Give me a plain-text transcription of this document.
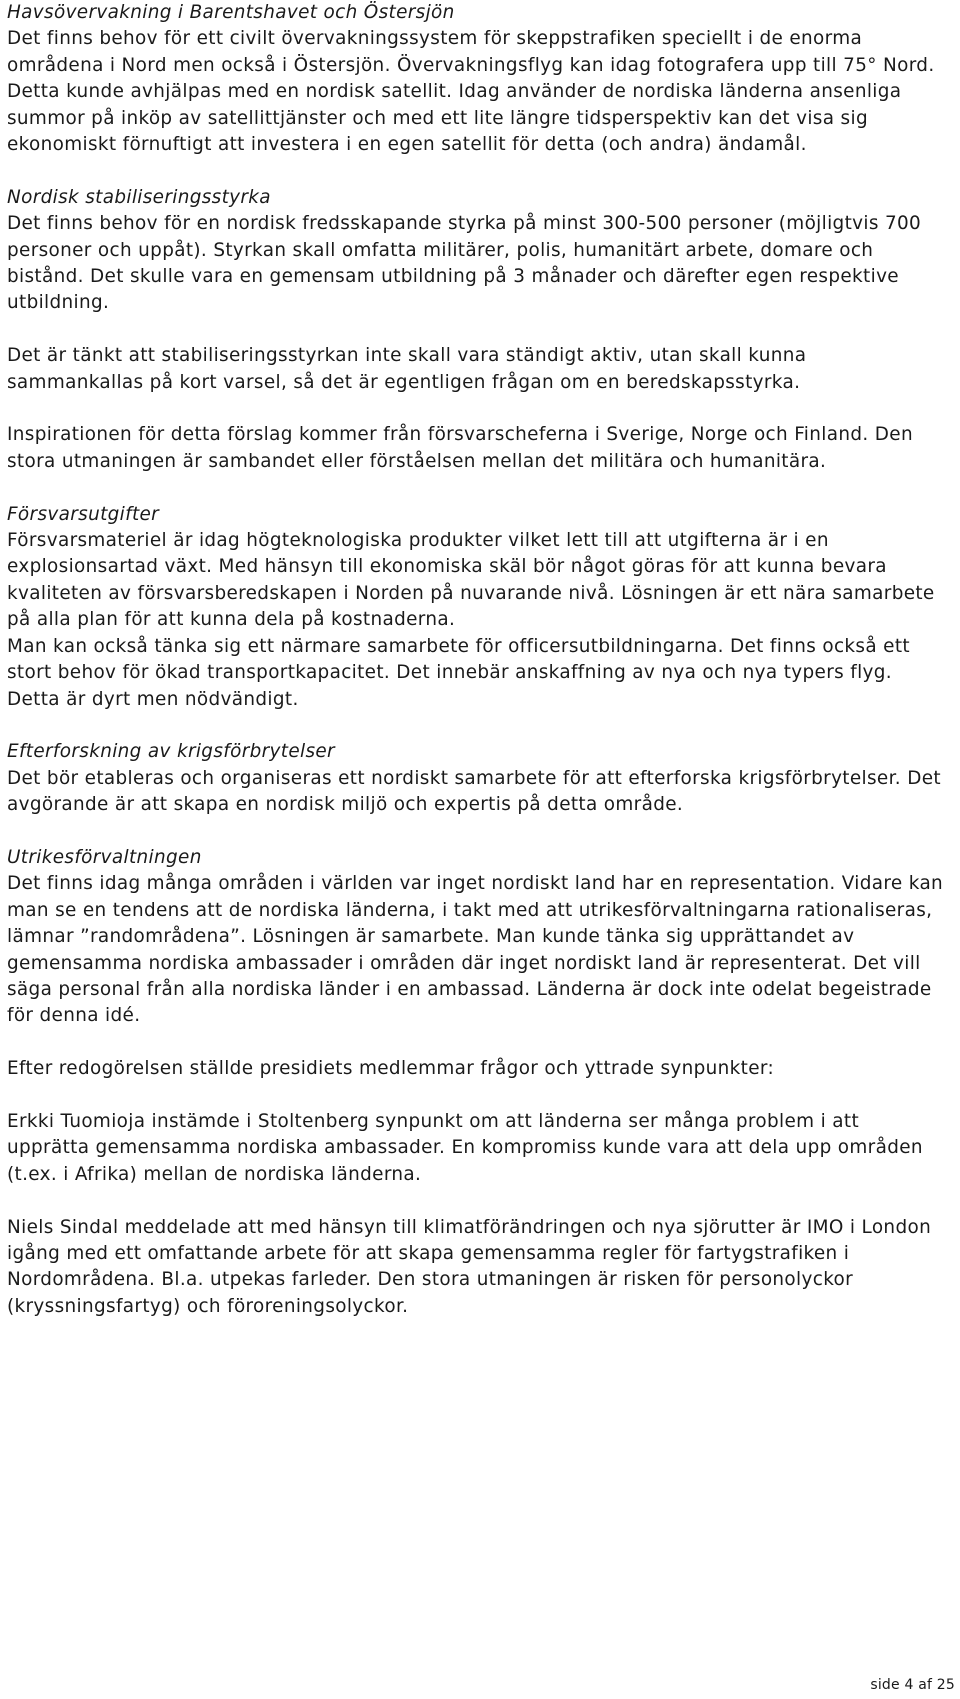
Havsövervakning i Barentshavet och Östersjön

Det finns behov för ett civilt övervakningssystem för skeppstrafiken speciellt i de enorma områdena i Nord men också i Östersjön. Övervakningsflyg kan idag fotografera upp till 75° Nord. Detta kunde avhjälpas med en nordisk satellit. Idag använder de nordiska länderna ansenliga summor på inköp av satellittjänster och med ett lite längre tidsperspektiv kan det visa sig ekonomiskt förnuftigt att investera i en egen satellit för detta (och andra) ändamål.

Nordisk stabiliseringsstyrka

Det finns behov för en nordisk fredsskapande styrka på minst 300-500 personer (möjligtvis 700 personer och uppåt). Styrkan skall omfatta militärer, polis, humanitärt arbete, domare och bistånd. Det skulle vara en gemensam utbildning på 3 månader och därefter egen respektive utbildning.

Det är tänkt att stabiliseringsstyrkan inte skall vara ständigt aktiv, utan skall kunna sammankallas på kort varsel, så det är egentligen frågan om en beredskapsstyrka.

Inspirationen för detta förslag kommer från försvarscheferna i Sverige, Norge och Finland. Den stora utmaningen är sambandet eller förståelsen mellan det militära och humanitära.

Försvarsutgifter

Försvarsmateriel är idag högteknologiska produkter vilket lett till att utgifterna är i en explosionsartad växt. Med hänsyn till ekonomiska skäl bör något göras för att kunna bevara kvaliteten av försvarsberedskapen i Norden på nuvarande nivå. Lösningen är ett nära samarbete på alla plan för att kunna dela på kostnaderna.
Man kan också tänka sig ett närmare samarbete för officersutbildningarna. Det finns också ett stort behov för ökad transportkapacitet. Det innebär anskaffning av nya och nya typers flyg. Detta är dyrt men nödvändigt.

Efterforskning av krigsförbrytelser

Det bör etableras och organiseras ett nordiskt samarbete för att efterforska krigsförbrytelser. Det avgörande är att skapa en nordisk miljö och expertis på detta område.

Utrikesförvaltningen

Det finns idag många områden i världen var inget nordiskt land har en representation. Vidare kan man se en tendens att de nordiska länderna, i takt med att utrikesförvaltningarna rationaliseras, lämnar ”randområdena”. Lösningen är samarbete. Man kunde tänka sig upprättandet av gemensamma nordiska ambassader i områden där inget nordiskt land är representerat. Det vill säga personal från alla nordiska länder i en ambassad. Länderna är dock inte odelat begeistrade för denna idé.

Efter redogörelsen ställde presidiets medlemmar frågor och yttrade synpunkter:

Erkki Tuomioja instämde i Stoltenberg synpunkt om att länderna ser många problem i att upprätta gemensamma nordiska ambassader. En kompromiss kunde vara att dela upp områden (t.ex. i Afrika) mellan de nordiska länderna.

Niels Sindal meddelade att med hänsyn till klimatförändringen och nya sjörutter är IMO i London igång med ett omfattande arbete för att skapa gemensamma regler för fartygstrafiken i Nordområdena. Bl.a. utpekas farleder. Den stora utmaningen är risken för personolyckor (kryssningsfartyg) och föroreningsolyckor.

side 4 af 25
